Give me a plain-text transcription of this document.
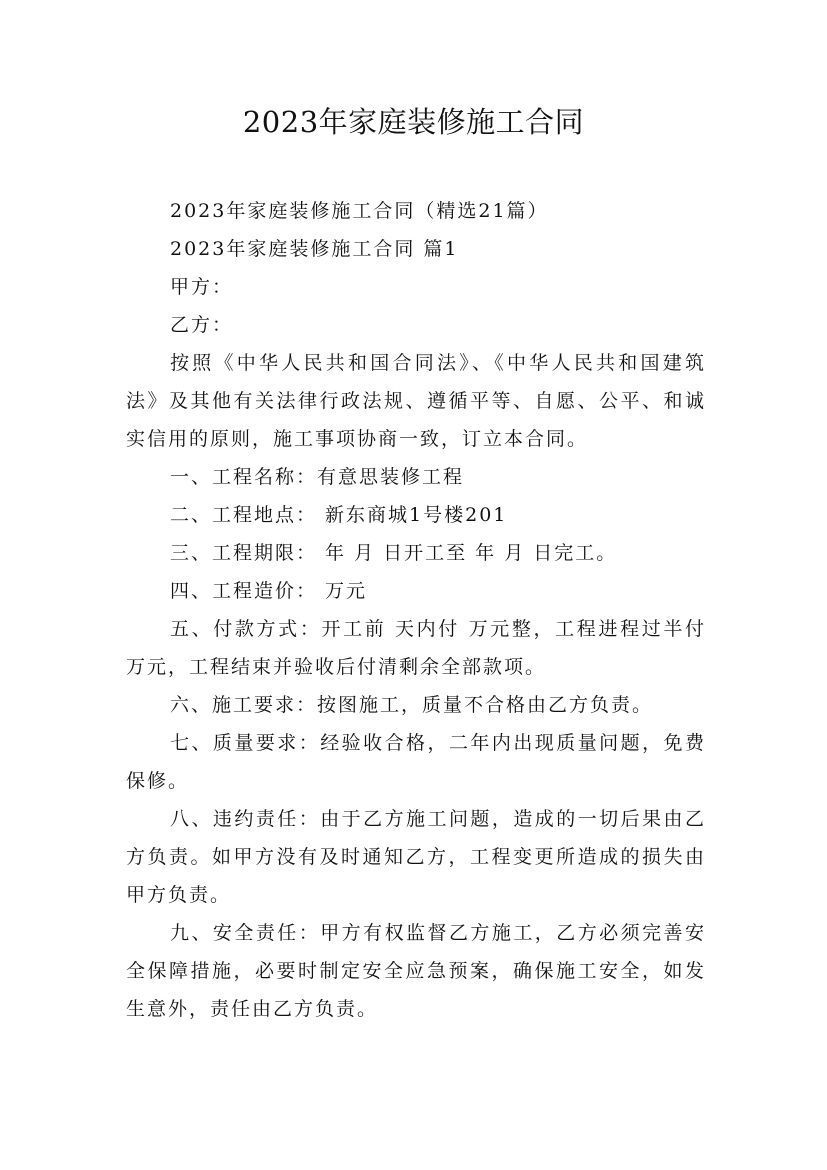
2023年家庭装修施工合同

2023年家庭装修施工合同（精选21篇）

2023年家庭装修施工合同 篇1

甲方：

乙方：

按照《中华人民共和国合同法》、《中华人民共和国建筑法》及其他有关法律行政法规、遵循平等、自愿、公平、和诚实信用的原则，施工事项协商一致，订立本合同。

一、工程名称：有意思装修工程

二、工程地点： 新东商城1号楼201

三、工程期限： 年 月 日开工至 年 月 日完工。

四、工程造价： 万元

五、付款方式：开工前 天内付 万元整，工程进程过半付 万元，工程结束并验收后付清剩余全部款项。

六、施工要求：按图施工，质量不合格由乙方负责。

七、质量要求：经验收合格，二年内出现质量问题，免费保修。

八、违约责任：由于乙方施工问题，造成的一切后果由乙方负责。如甲方没有及时通知乙方，工程变更所造成的损失由甲方负责。

九、安全责任：甲方有权监督乙方施工，乙方必须完善安全保障措施，必要时制定安全应急预案，确保施工安全，如发生意外，责任由乙方负责。
